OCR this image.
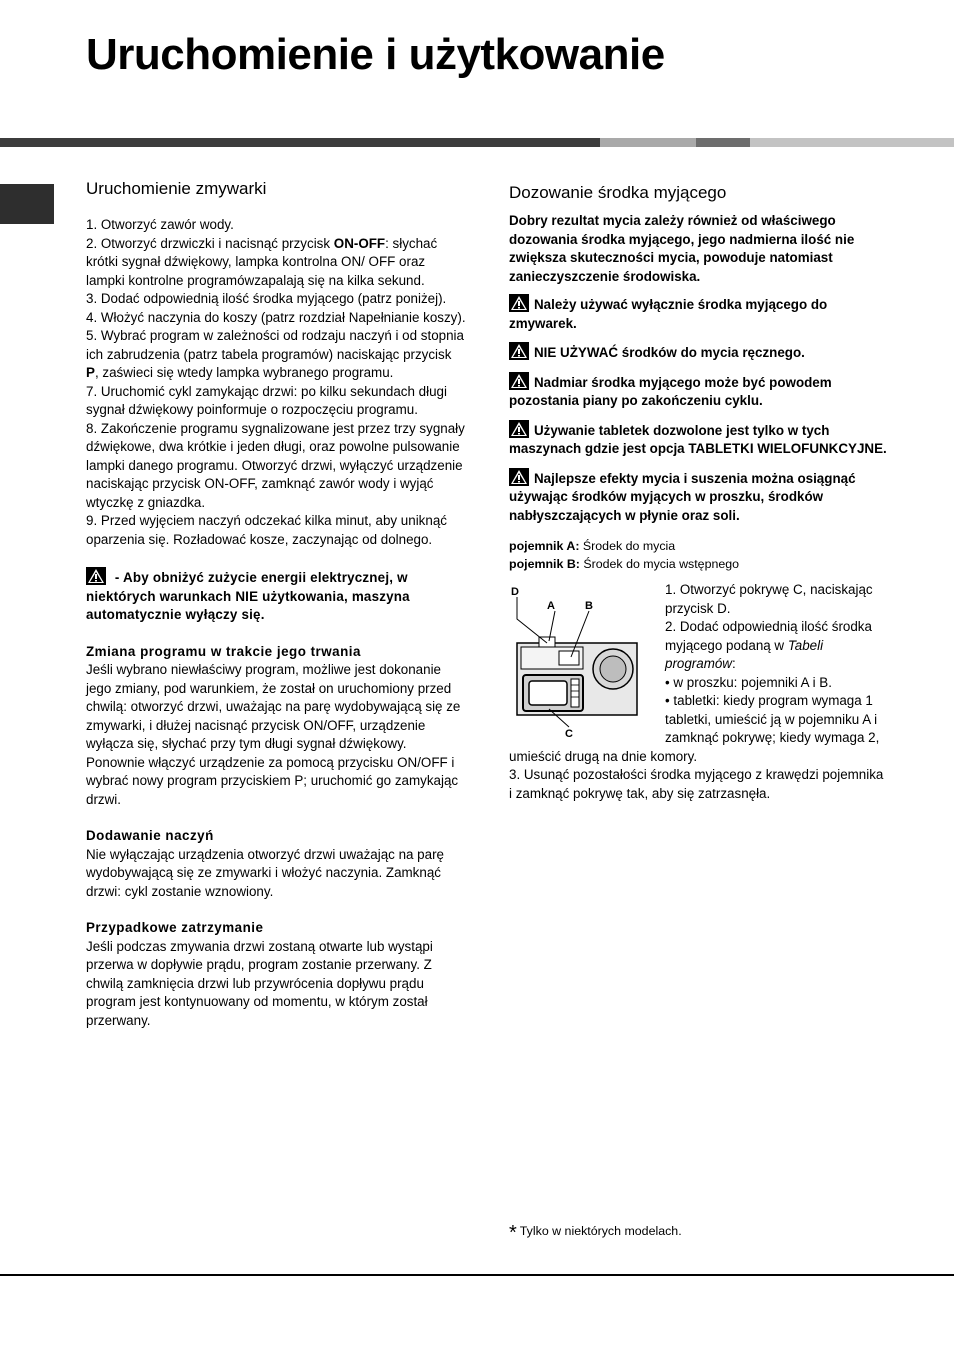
Uruchomienie i użytkowanie
Uruchomienie zmywarki

1. Otworzyć zawór wody.

2. Otworzyć drzwiczki i nacisnąć przycisk ON-OFF: słychać krótki sygnał dźwiękowy, lampka kontrolna ON/ OFF oraz lampki kontrolne programówzapalają się na kilka sekund.

3. Dodać odpowiednią ilość środka myjącego (patrz poniżej).

4. Włożyć naczynia do koszy (patrz rozdział Napełnianie koszy).

5. Wybrać program w zależności od rodzaju naczyń i od stopnia ich zabrudzenia (patrz tabela programów) naciskając przycisk P, zaświeci się wtedy lampka wybranego programu.

7. Uruchomić cykl zamykając drzwi: po kilku sekundach długi sygnał dźwiękowy poinformuje o rozpoczęciu programu.

8. Zakończenie programu sygnalizowane jest przez trzy sygnały dźwiękowe, dwa krótkie i jeden długi, oraz powolne pulsowanie lampki danego programu. Otworzyć drzwi, wyłączyć urządzenie naciskając przycisk ON-OFF, zamknąć zawór wody i wyjąć wtyczkę z gniazdka.

9. Przed wyjęciem naczyń odczekać kilka minut, aby uniknąć oparzenia się. Rozładować kosze, zaczynając od dolnego.

- Aby obniżyć zużycie energii elektrycznej, w niektórych warunkach NIE użytkowania, maszyna automatycznie wyłączy się.

Zmiana programu w trakcie jego trwania

Jeśli wybrano niewłaściwy program, możliwe jest dokonanie jego zmiany, pod warunkiem, że został on uruchomiony przed chwilą: otworzyć drzwi, uważając na parę wydobywającą się ze zmywarki, i dłużej nacisnąć przycisk ON/OFF, urządzenie wyłącza się, słychać przy tym długi sygnał dźwiękowy. Ponownie włączyć urządzenie za pomocą przycisku ON/OFF i wybrać nowy program przyciskiem P; uruchomić go zamykając drzwi.

Dodawanie naczyń

Nie wyłączając urządzenia otworzyć drzwi uważając na parę wydobywającą się ze zmywarki i włożyć naczynia. Zamknąć drzwi: cykl zostanie wznowiony.

Przypadkowe zatrzymanie

Jeśli podczas zmywania drzwi zostaną otwarte lub wystąpi przerwa w dopływie prądu, program zostanie przerwany. Z chwilą zamknięcia drzwi lub przywrócenia dopływu prądu program jest kontynuowany od momentu, w którym został przerwany.

Dozowanie środka myjącego

Dobry rezultat mycia zależy również od właściwego dozowania środka myjącego, jego nadmierna ilość nie zwiększa skuteczności mycia, powoduje natomiast zanieczyszczenie środowiska.

Należy używać wyłącznie środka myjącego do zmywarek.

NIE UŻYWAĆ środków do mycia ręcznego.

Nadmiar środka myjącego może być powodem pozostania piany po zakończeniu cyklu.

Używanie tabletek dozwolone jest tylko w tych maszynach gdzie jest opcja TABLETKI WIELOFUNKCYJNE.

Najlepsze efekty mycia i suszenia można osiągnąć używając środków myjących w proszku, środków nabłyszczających w płynie oraz soli.

pojemnik A: Środek do mycia

pojemnik B: Środek do mycia wstępnego

D
A	B
C

1. Otworzyć pokrywę C, naciskając przycisk D.

2. Dodać odpowiednią ilość środka myjącego podaną w Tabeli programów:

• w proszku: pojemniki A i B.

• tabletki: kiedy program wymaga 1 tabletki, umieścić ją w pojemniku A i zamknąć pokrywę; kiedy wymaga 2, umieścić drugą na dnie komory.

3. Usunąć pozostałości środka myjącego z krawędzi pojemnika i zamknąć pokrywę tak, aby się zatrzasnęła.

* Tylko w niektórych modelach.
